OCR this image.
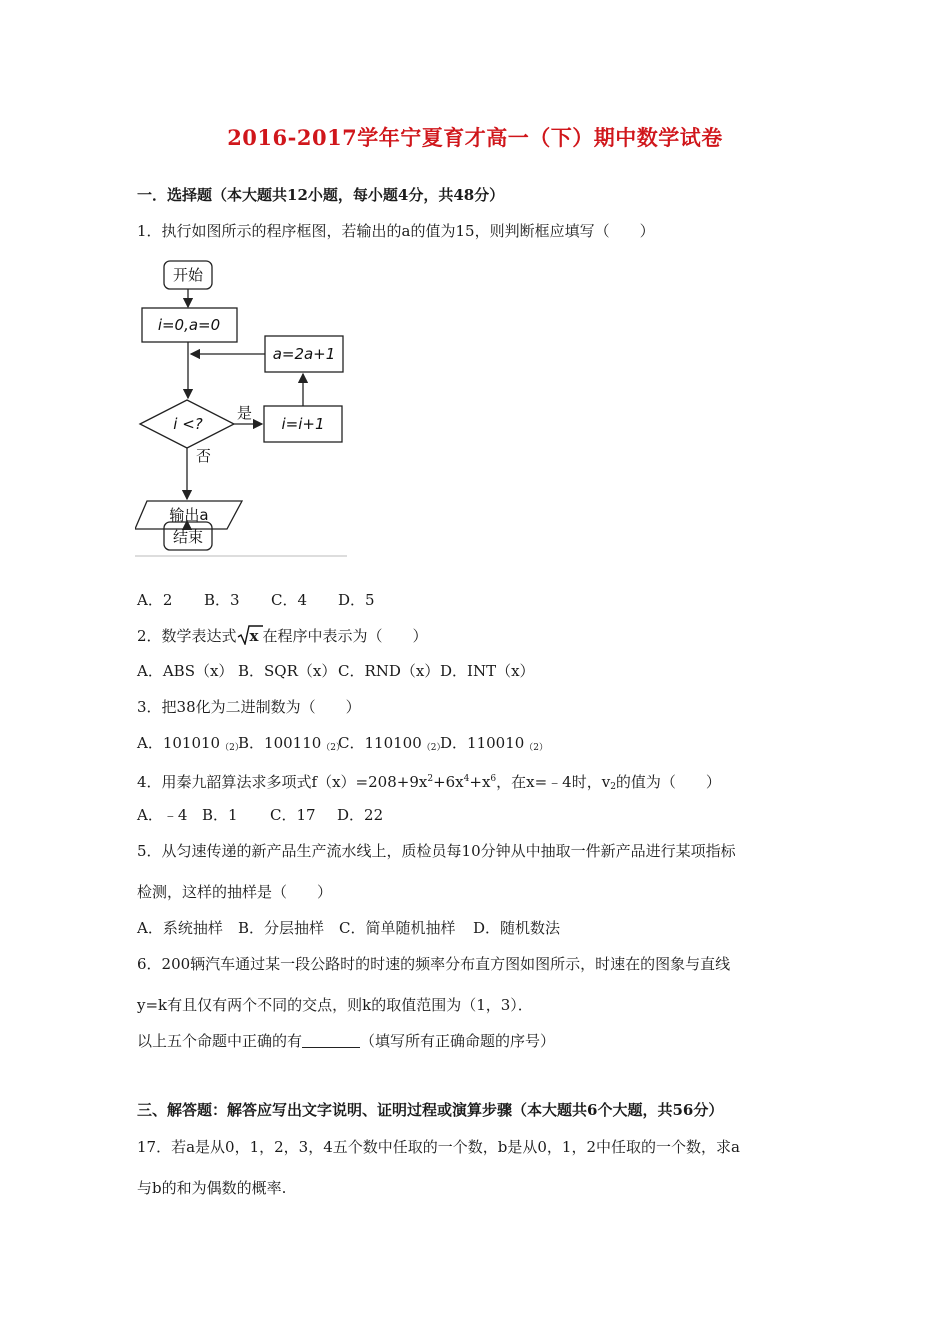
2016-2017学年宁夏育才高一（下）期中数学试卷
一．选择题（本大题共12小题，每小题4分，共48分）
1．执行如图所示的程序框图，若输出的a的值为15，则判断框应填写（　　）
开始
i=0,a=0
a=2a+1
i <?
是
i=i+1
否
输出a
结束
A．2 B．3 C．4 D．5
2．数学表达式 x 在程序中表示为（　　）
A．ABS（x） B．SQR（x） C．RND（x）D．INT（x）
3．把38化为二进制数为（　　）
A．$101010_{(2)}B$．$100110_{(2)}C$．$110100_{(2)}D$．$110010_{(2)}$
4．用秦九韶算法求多项式$f(x)=208+9x^2+6x^4+x^6$，在x=﹣4时，$v_2$的值为（　　）
A．﹣4 B．1 C．17 D．22
5．从匀速传递的新产品生产流水线上，质检员每10分钟从中抽取一件新产品进行某项指标
检测，这样的抽样是（　　）
A．系统抽样 B．分层抽样 C．简单随机抽样 D．随机数法
6．200辆汽车通过某一段公路时的时速的频率分布直方图如图所示，时速在的图象与直线
y=k有且仅有两个不同的交点，则k的取值范围为（1，3）．
以上五个命题中正确的有	（填写所有正确命题的序号）
三、解答题：解答应写出文字说明、证明过程或演算步骤（本大题共6个大题，共56分）
17．若a是从0，1，2，3，4五个数中任取的一个数，b是从0，1，2中任取的一个数，求a
与b的和为偶数的概率.
